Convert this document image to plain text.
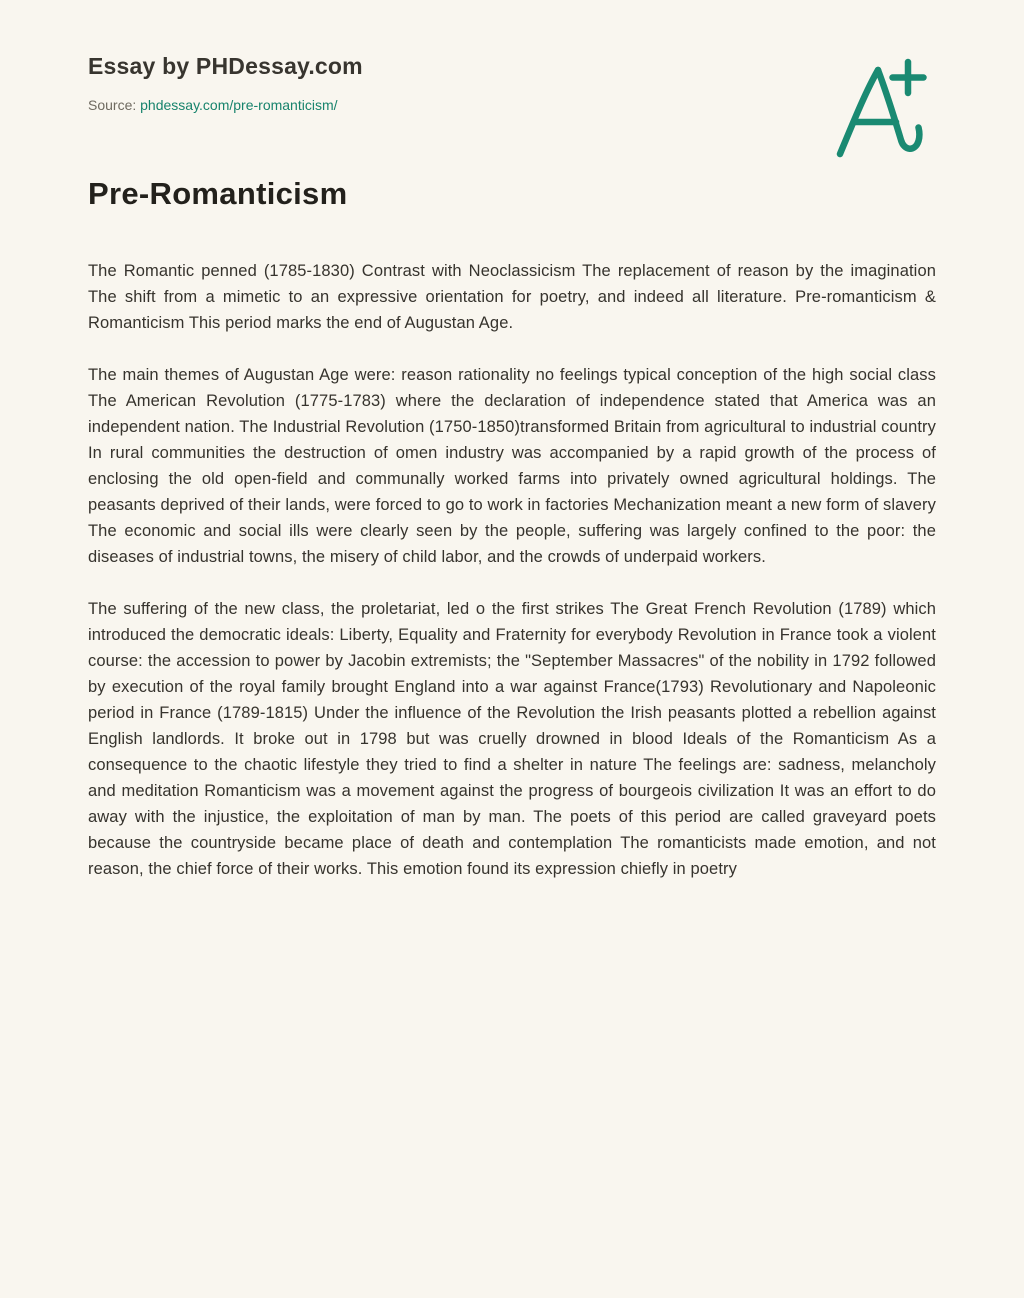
Essay by PHDessay.com
Source: phdessay.com/pre-romanticism/
Pre-Romanticism

The Romantic penned (1785-1830) Contrast with Neoclassicism The replacement of reason by the imagination The shift from a mimetic to an expressive orientation for poetry, and indeed all literature. Pre-romanticism & Romanticism This period marks the end of Augustan Age.

The main themes of Augustan Age were: reason rationality no feelings typical conception of the high social class The American Revolution (1775-1783) where the declaration of independence stated that America was an independent nation. The Industrial Revolution (1750-1850)transformed Britain from agricultural to industrial country In rural communities the destruction of omen industry was accompanied by a rapid growth of the process of enclosing the old open-field and communally worked farms into privately owned agricultural holdings. The peasants deprived of their lands, were forced to go to work in factories Mechanization meant a new form of slavery The economic and social ills were clearly seen by the people, suffering was largely confined to the poor: the diseases of industrial towns, the misery of child labor, and the crowds of underpaid workers.

The suffering of the new class, the proletariat, led o the first strikes The Great French Revolution (1789) which introduced the democratic ideals: Liberty, Equality and Fraternity for everybody Revolution in France took a violent course: the accession to power by Jacobin extremists; the "September Massacres" of the nobility in 1792 followed by execution of the royal family brought England into a war against France(1793) Revolutionary and Napoleonic period in France (1789-1815) Under the influence of the Revolution the Irish peasants plotted a rebellion against English landlords. It broke out in 1798 but was cruelly drowned in blood Ideals of the Romanticism As a consequence to the chaotic lifestyle they tried to find a shelter in nature The feelings are: sadness, melancholy and meditation Romanticism was a movement against the progress of bourgeois civilization It was an effort to do away with the injustice, the exploitation of man by man. The poets of this period are called graveyard poets because the countryside became place of death and contemplation The romanticists made emotion, and not reason, the chief force of their works. This emotion found its expression chiefly in poetry
